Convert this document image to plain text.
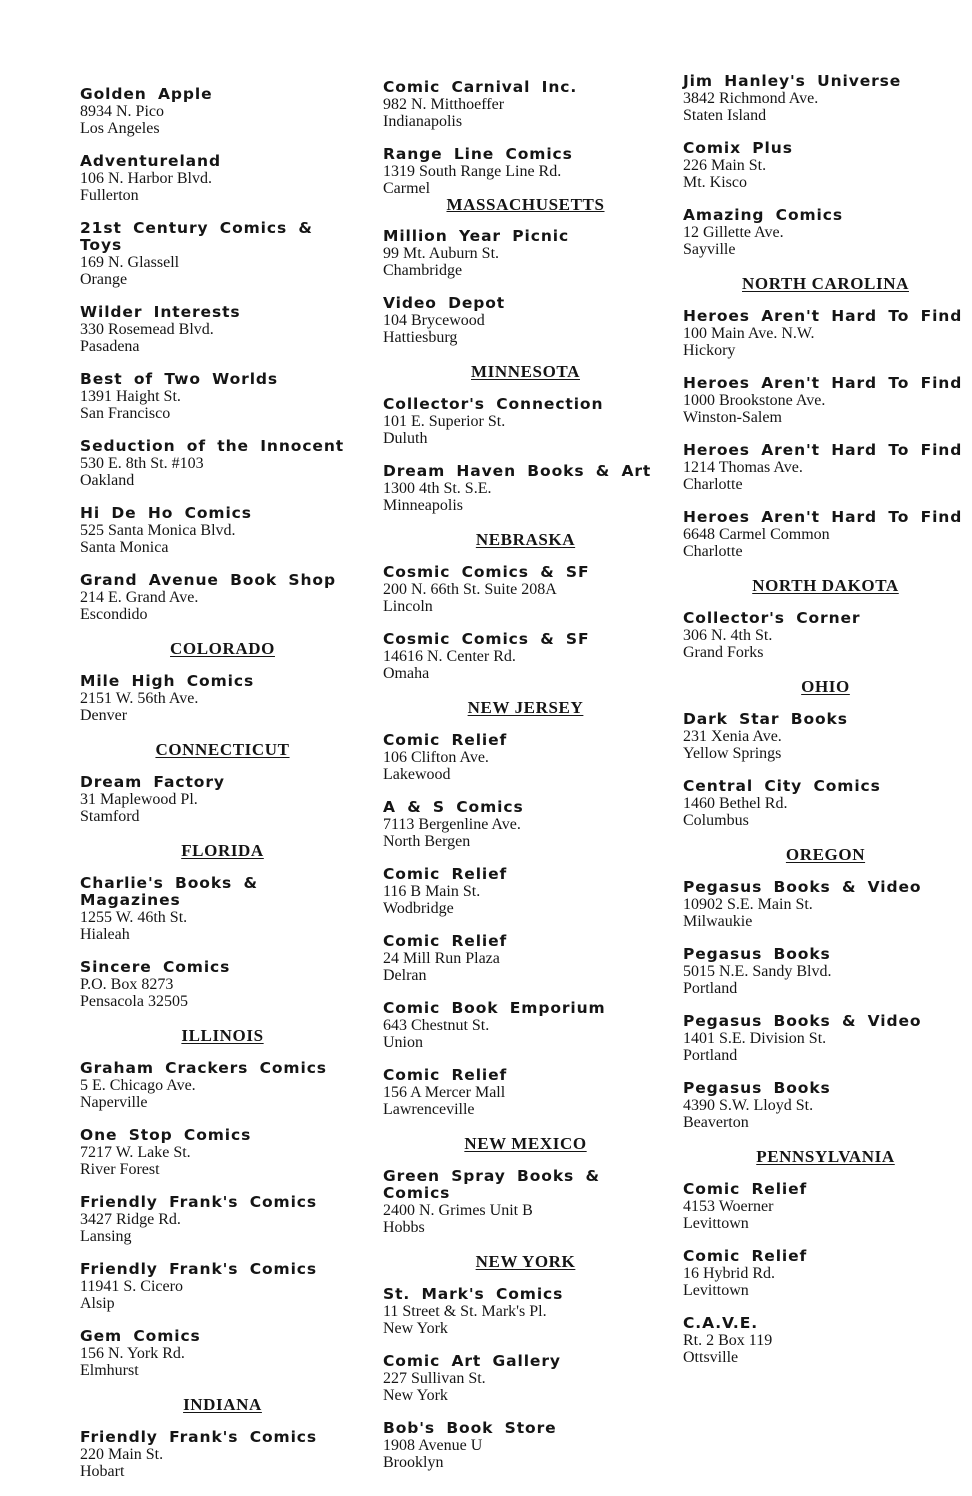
Golden Apple
8934 N. Pico
Los Angeles
Adventureland
106 N. Harbor Blvd.
Fullerton
21st Century Comics & Toys
169 N. Glassell
Orange
Wilder Interests
330 Rosemead Blvd.
Pasadena
Best of Two Worlds
1391 Haight St.
San Francisco
Seduction of the Innocent
530 E. 8th St. #103
Oakland
Hi De Ho Comics
525 Santa Monica Blvd.
Santa Monica
Grand Avenue Book Shop
214 E. Grand Ave.
Escondido
COLORADO
Mile High Comics
2151 W. 56th Ave.
Denver
CONNECTICUT
Dream Factory
31 Maplewood Pl.
Stamford
FLORIDA
Charlie's Books & Magazines
1255 W. 46th St.
Hialeah
Sincere Comics
P.O. Box 8273
Pensacola 32505
ILLINOIS
Graham Crackers Comics
5 E. Chicago Ave.
Naperville
One Stop Comics
7217 W. Lake St.
River Forest
Friendly Frank's Comics
3427 Ridge Rd.
Lansing
Friendly Frank's Comics
11941 S. Cicero
Alsip
Gem Comics
156 N. York Rd.
Elmhurst
INDIANA
Friendly Frank's Comics
220 Main St.
Hobart
Comic Carnival Inc.
982 N. Mitthoeffer
Indianapolis
Range Line Comics
1319 South Range Line Rd.
Carmel
MASSACHUSETTS
Million Year Picnic
99 Mt. Auburn St.
Chambridge
Video Depot
104 Brycewood
Hattiesburg
MINNESOTA
Collector's Connection
101 E. Superior St.
Duluth
Dream Haven Books & Art
1300 4th St. S.E.
Minneapolis
NEBRASKA
Cosmic Comics & SF
200 N. 66th St. Suite 208A
Lincoln
Cosmic Comics & SF
14616 N. Center Rd.
Omaha
NEW JERSEY
Comic Relief
106 Clifton Ave.
Lakewood
A & S Comics
7113 Bergenline Ave.
North Bergen
Comic Relief
116 B Main St.
Wodbridge
Comic Relief
24 Mill Run Plaza
Delran
Comic Book Emporium
643 Chestnut St.
Union
Comic Relief
156 A Mercer Mall
Lawrenceville
NEW MEXICO
Green Spray Books & Comics
2400 N. Grimes Unit B
Hobbs
NEW YORK
St. Mark's Comics
11 Street & St. Mark's Pl.
New York
Comic Art Gallery
227 Sullivan St.
New York
Bob's Book Store
1908 Avenue U
Brooklyn
Jim Hanley's Universe
3842 Richmond Ave.
Staten Island
Comix Plus
226 Main St.
Mt. Kisco
Amazing Comics
12 Gillette Ave.
Sayville
NORTH CAROLINA
Heroes Aren't Hard To Find
100 Main Ave. N.W.
Hickory
Heroes Aren't Hard To Find
1000 Brookstone Ave.
Winston-Salem
Heroes Aren't Hard To Find
1214 Thomas Ave.
Charlotte
Heroes Aren't Hard To Find
6648 Carmel Common
Charlotte
NORTH DAKOTA
Collector's Corner
306 N. 4th St.
Grand Forks
OHIO
Dark Star Books
231 Xenia Ave.
Yellow Springs
Central City Comics
1460 Bethel Rd.
Columbus
OREGON
Pegasus Books & Video
10902 S.E. Main St.
Milwaukie
Pegasus Books
5015 N.E. Sandy Blvd.
Portland
Pegasus Books & Video
1401 S.E. Division St.
Portland
Pegasus Books
4390 S.W. Lloyd St.
Beaverton
PENNSYLVANIA
Comic Relief
4153 Woerner
Levittown
Comic Relief
16 Hybrid Rd.
Levittown
C.A.V.E.
Rt. 2 Box 119
Ottsville
